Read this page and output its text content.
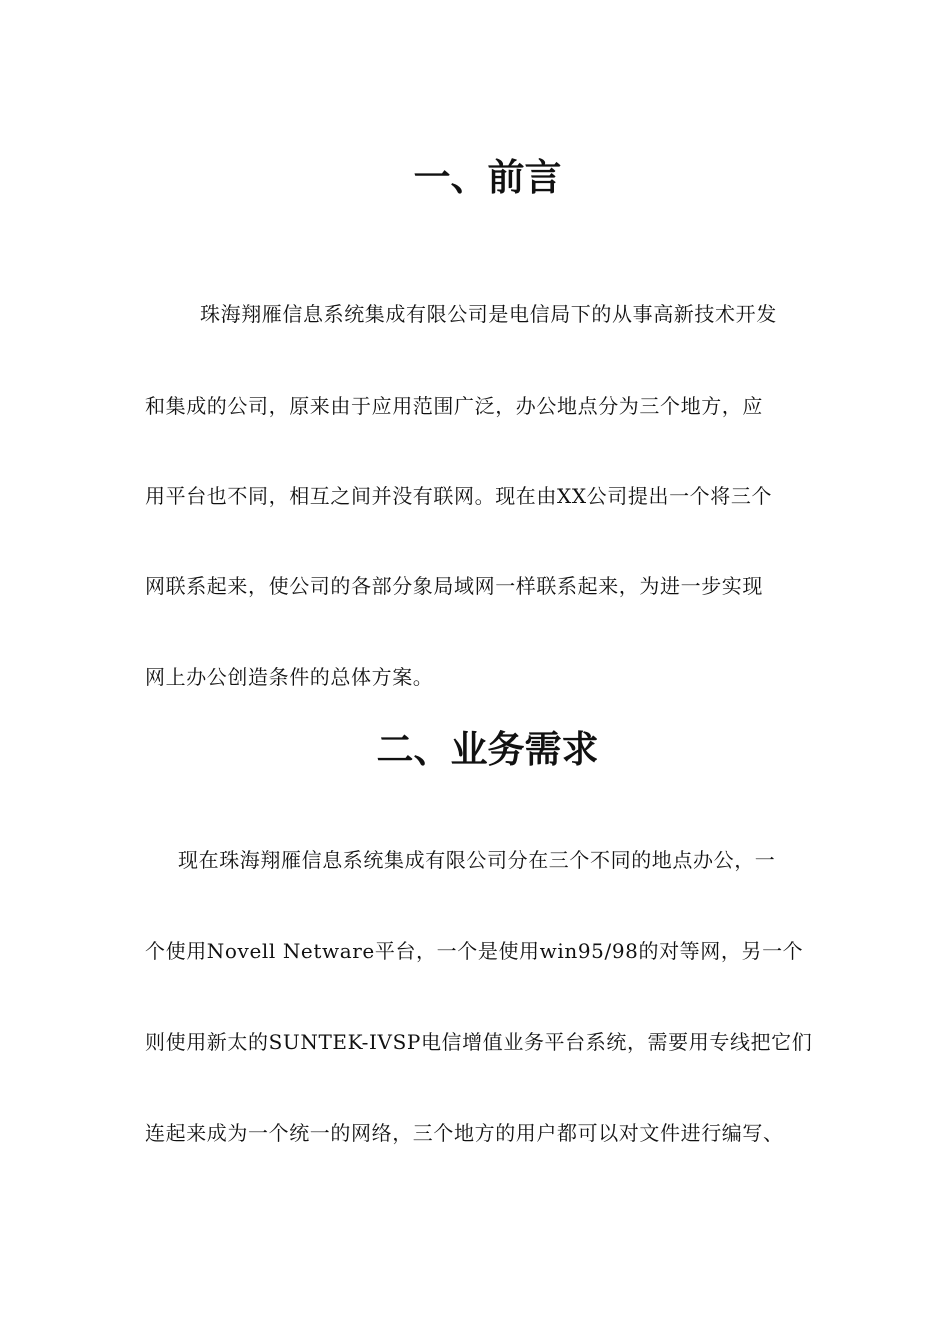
一、前言

珠海翔雁信息系统集成有限公司是电信局下的从事高新技术开发

和集成的公司，原来由于应用范围广泛，办公地点分为三个地方，应

用平台也不同，相互之间并没有联网。现在由XX公司提出一个将三个

网联系起来，使公司的各部分象局域网一样联系起来，为进一步实现

网上办公创造条件的总体方案。

二、业务需求

现在珠海翔雁信息系统集成有限公司分在三个不同的地点办公，一

个使用Novell Netware平台，一个是使用win95/98的对等网，另一个

则使用新太的SUNTEK-IVSP电信增值业务平台系统，需要用专线把它们

连起来成为一个统一的网络，三个地方的用户都可以对文件进行编写、
